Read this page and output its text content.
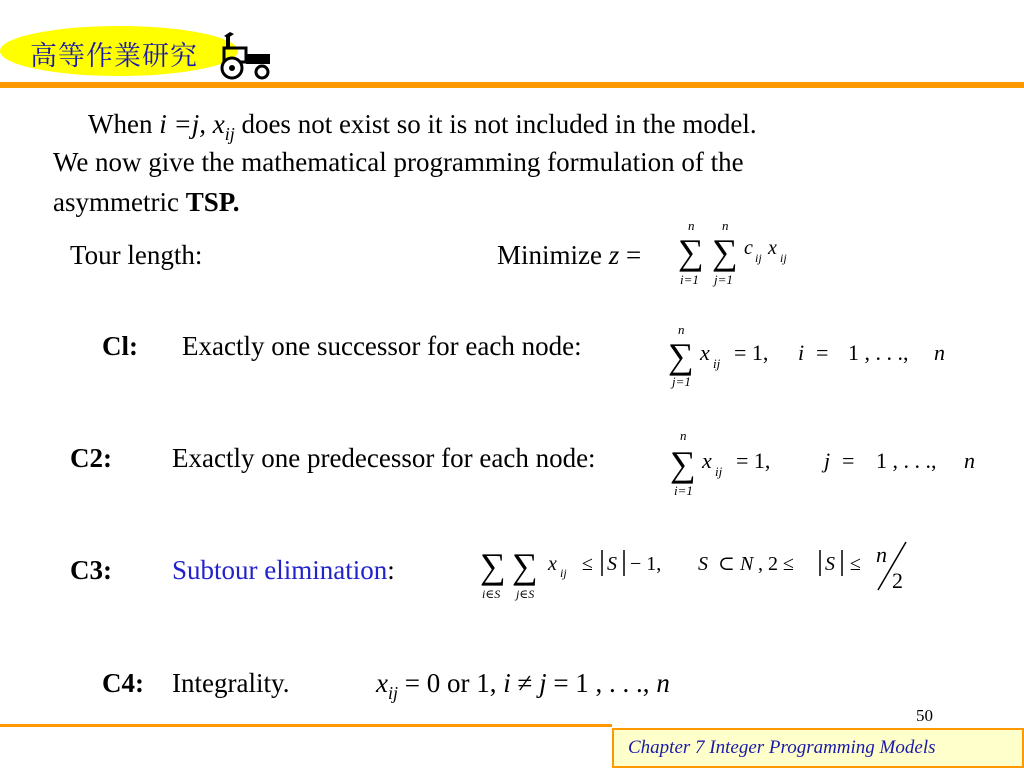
高等作業研究
When i =j, $x_{ij}$ does not exist so it is not included in the model.
We now give the mathematical programming formulation of the
asymmetric TSP.
Tour length:	Minimize z =
n
∑
i=1
n
∑
j=1
c ij x ij
Cl: Exactly one successor for each node:
n
∑
j=1
x ij = 1, i = 1 , . . ., n
C2: Exactly one predecessor for each node:
n
∑
i=1
x ij = 1, j = 1 , . . ., n
C3: Subtour elimination: ∑
i∈S
∑
j∈S
x ij ≤ S − 1, S ⊂ N , 2 ≤ S ≤ n
2
C4: Integrality.	$x_{ij} = 0$ or 1, i ≠ j = 1 , . . ., n
50
Chapter 7 Integer Programming Models
